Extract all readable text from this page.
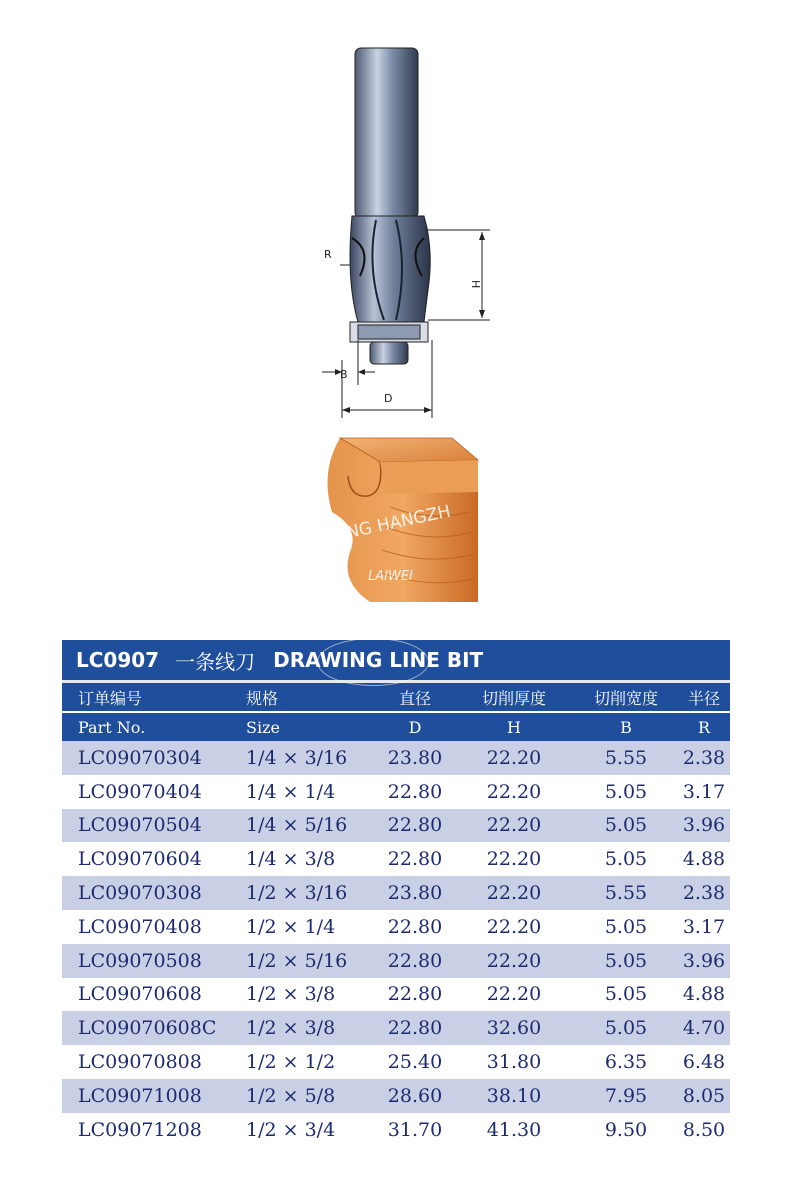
H
R
B
D
DING HANGZH
LAIWEI
LC0907 一条线刀 DRAWING LINE BIT
订单编号	规格	直径	切削厚度	切削宽度	半径
Part No.	Size	D	H	B	R
LC09070304	1/4 × 3/16	23.80	22.20	5.55	2.38
LC09070404	1/4 × 1/4	22.80	22.20	5.05	3.17
LC09070504	1/4 × 5/16	22.80	22.20	5.05	3.96
LC09070604	1/4 × 3/8	22.80	22.20	5.05	4.88
LC09070308	1/2 × 3/16	23.80	22.20	5.55	2.38
LC09070408	1/2 × 1/4	22.80	22.20	5.05	3.17
LC09070508	1/2 × 5/16	22.80	22.20	5.05	3.96
LC09070608	1/2 × 3/8	22.80	22.20	5.05	4.88
LC09070608C	1/2 × 3/8	22.80	32.60	5.05	4.70
LC09070808	1/2 × 1/2	25.40	31.80	6.35	6.48
LC09071008	1/2 × 5/8	28.60	38.10	7.95	8.05
LC09071208	1/2 × 3/4	31.70	41.30	9.50	8.50
